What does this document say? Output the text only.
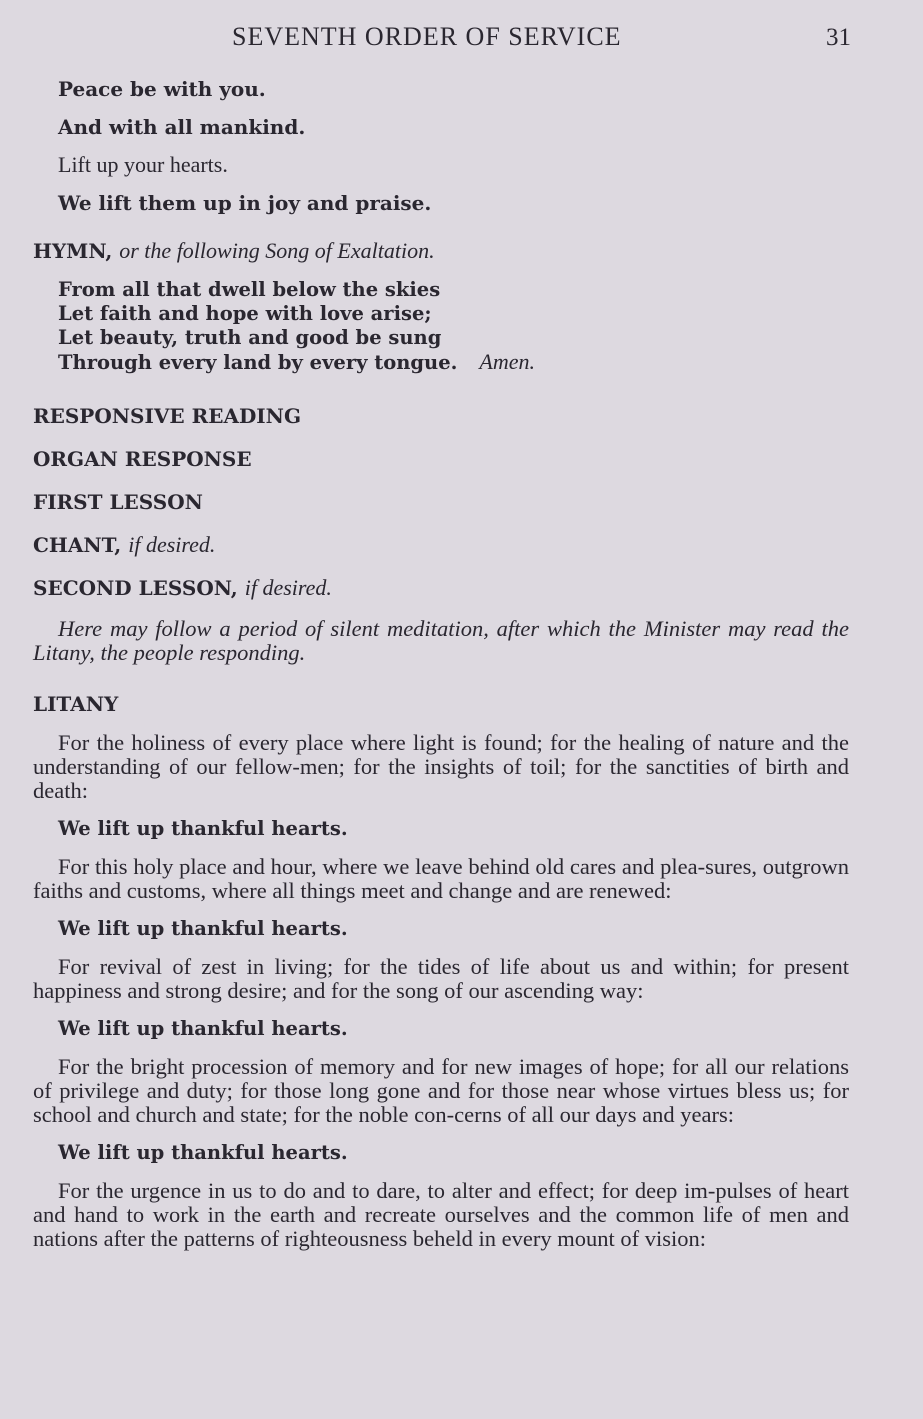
SEVENTH ORDER OF SERVICE	31

Peace be with you.

And with all mankind.

Lift up your hearts.

We lift them up in joy and praise.

HYMN, or the following Song of Exaltation.

From all that dwell below the skies
Let faith and hope with love arise;
Let beauty, truth and good be sung
Through every land by every tongue. Amen.

RESPONSIVE READING

ORGAN RESPONSE

FIRST LESSON

CHANT, if desired.

SECOND LESSON, if desired.

Here may follow a period of silent meditation, after which the Minister may read the Litany, the people responding.

LITANY

For the holiness of every place where light is found; for the healing of nature and the understanding of our fellow-men; for the insights of toil; for the sanctities of birth and death:

We lift up thankful hearts.

For this holy place and hour, where we leave behind old cares and plea-sures, outgrown faiths and customs, where all things meet and change and are renewed:

We lift up thankful hearts.

For revival of zest in living; for the tides of life about us and within; for present happiness and strong desire; and for the song of our ascending way:

We lift up thankful hearts.

For the bright procession of memory and for new images of hope; for all our relations of privilege and duty; for those long gone and for those near whose virtues bless us; for school and church and state; for the noble con-cerns of all our days and years:

We lift up thankful hearts.

For the urgence in us to do and to dare, to alter and effect; for deep im-pulses of heart and hand to work in the earth and recreate ourselves and the common life of men and nations after the patterns of righteousness beheld in every mount of vision:
